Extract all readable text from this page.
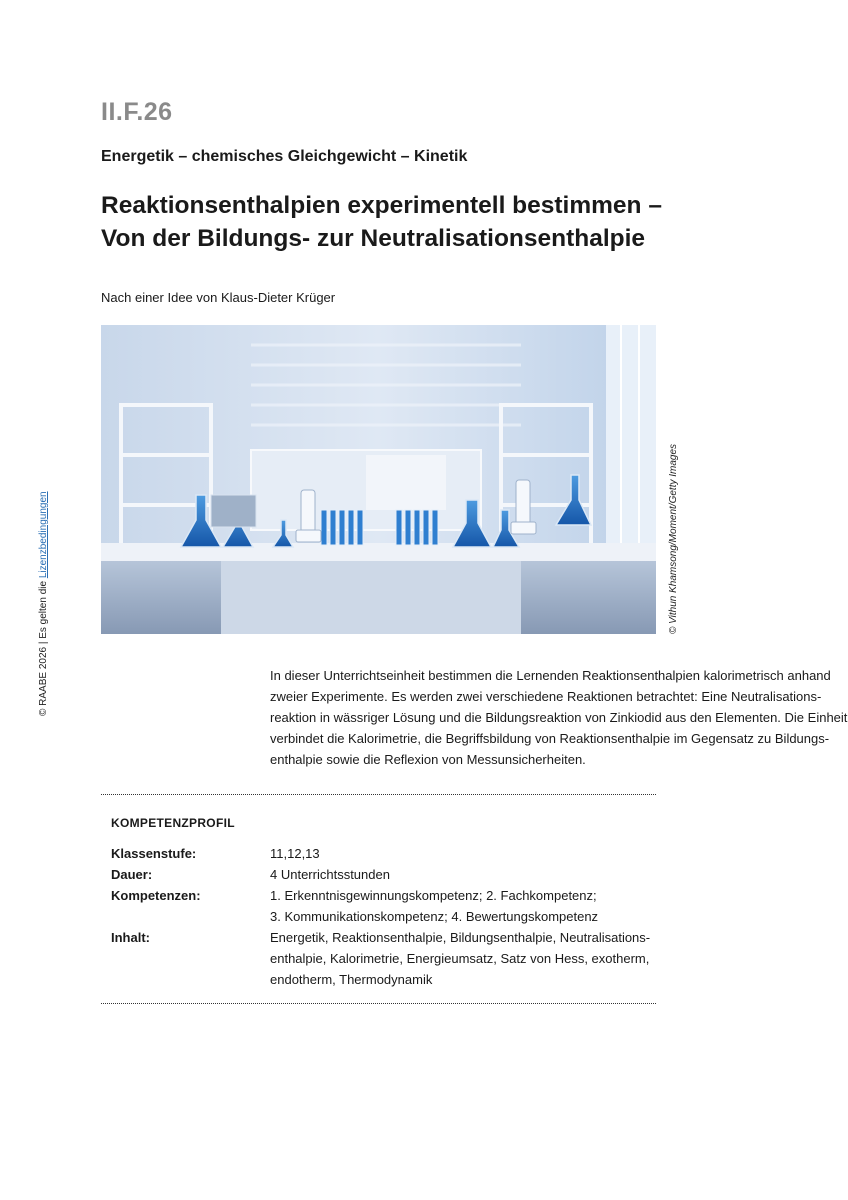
II.F.26
Energetik – chemisches Gleichgewicht – Kinetik
Reaktionsenthalpien experimentell bestimmen –
Von der Bildungs- zur Neutralisationsenthalpie
Nach einer Idee von Klaus-Dieter Krüger
© Vithun Khamsong/Moment/Getty Images
© RAABE 2026 | Es gelten die Lizenzbedingungen
In dieser Unterrichtseinheit bestimmen die Lernenden Reaktionsenthalpien kalorimetrisch anhand
zweier Experimente. Es werden zwei verschiedene Reaktionen betrachtet: Eine Neutralisations-
reaktion in wässriger Lösung und die Bildungsreaktion von Zinkiodid aus den Elementen. Die Einheit
verbindet die Kalorimetrie, die Begriffsbildung von Reaktionsenthalpie im Gegensatz zu Bildungs-
enthalpie sowie die Reflexion von Messunsicherheiten.
KOMPETENZPROFIL
Klassenstufe:	11,12,13
Dauer:	4 Unterrichtsstunden
Kompetenzen:	1. Erkenntnisgewinnungskompetenz; 2. Fachkompetenz;
3. Kommunikationskompetenz; 4. Bewertungskompetenz
Inhalt:	Energetik, Reaktionsenthalpie, Bildungsenthalpie, Neutralisations-
enthalpie, Kalorimetrie, Energieumsatz, Satz von Hess, exotherm,
endotherm, Thermodynamik
